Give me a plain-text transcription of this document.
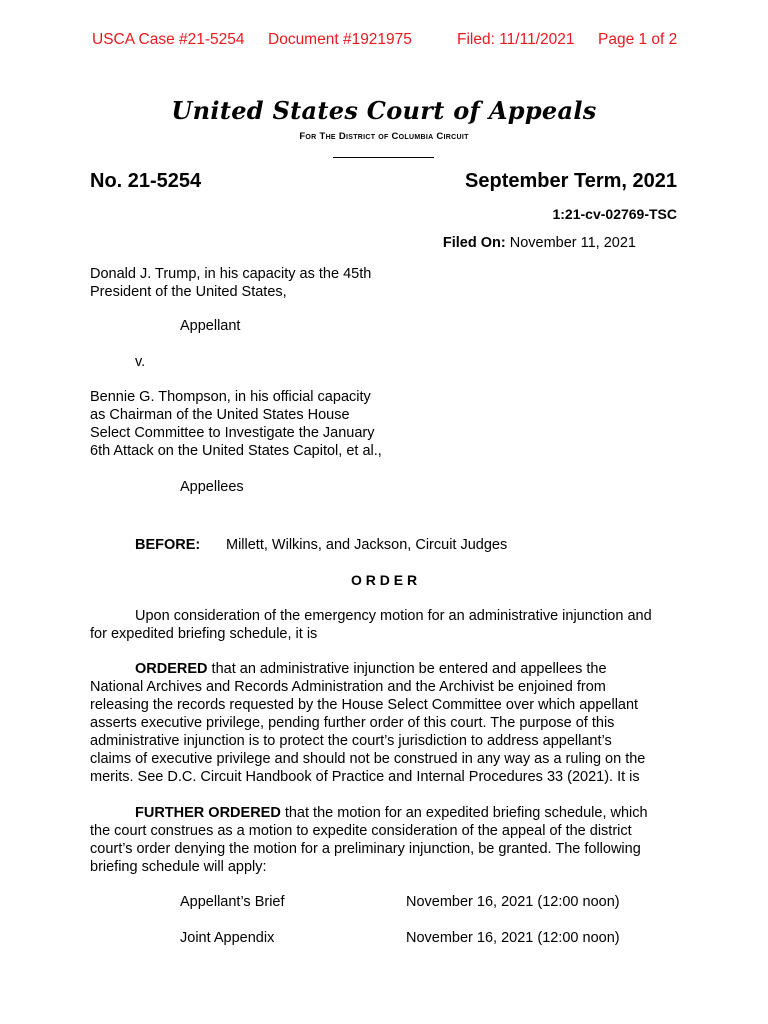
USCA Case #21-5254 Document #1921975	Filed: 11/11/2021 Page 1 of 2
United States Court of Appeals
For The District of Columbia Circuit
No. 21-5254	September Term, 2021
1:21-cv-02769-TSC
Filed On: November 11, 2021
Donald J. Trump, in his capacity as the 45th
President of the United States,
Appellant
v.
Bennie G. Thompson, in his official capacity
as Chairman of the United States House
Select Committee to Investigate the January
6th Attack on the United States Capitol, et al.,
Appellees
BEFORE: Millett, Wilkins, and Jackson, Circuit Judges
O R D E R
Upon consideration of the emergency motion for an administrative injunction and
for expedited briefing schedule, it is
ORDERED that an administrative injunction be entered and appellees the
National Archives and Records Administration and the Archivist be enjoined from
releasing the records requested by the House Select Committee over which appellant
asserts executive privilege, pending further order of this court. The purpose of this
administrative injunction is to protect the court’s jurisdiction to address appellant’s
claims of executive privilege and should not be construed in any way as a ruling on the
merits. See D.C. Circuit Handbook of Practice and Internal Procedures 33 (2021). It is
FURTHER ORDERED that the motion for an expedited briefing schedule, which
the court construes as a motion to expedite consideration of the appeal of the district
court’s order denying the motion for a preliminary injunction, be granted. The following
briefing schedule will apply:
Appellant’s Brief	November 16, 2021 (12:00 noon)
Joint Appendix	November 16, 2021 (12:00 noon)
